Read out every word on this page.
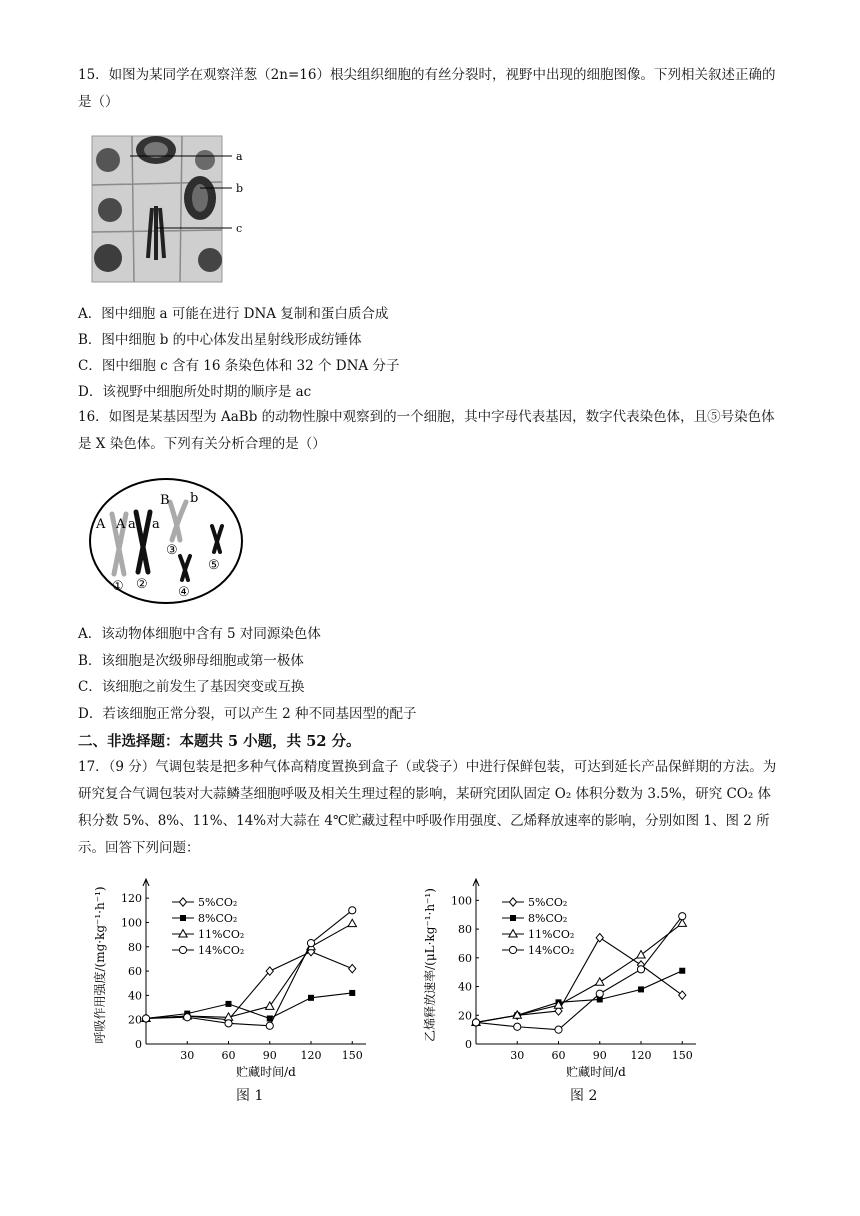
15．如图为某同学在观察洋葱（2n=16）根尖组织细胞的有丝分裂时，视野中出现的细胞图像。下列相关叙述正确的是（）

a
b
c

A．图中细胞 a 可能在进行 DNA 复制和蛋白质合成

B．图中细胞 b 的中心体发出星射线形成纺锤体

C．图中细胞 c 含有 16 条染色体和 32 个 DNA 分子

D．该视野中细胞所处时期的顺序是 ac

16．如图是某基因型为 AaBb 的动物性腺中观察到的一个细胞，其中字母代表基因，数字代表染色体，且⑤号染色体是 X 染色体。下列有关分析合理的是（）

A A a a
B b
① ②
③
④
⑤

A．该动物体细胞中含有 5 对同源染色体

B．该细胞是次级卵母细胞或第一极体

C．该细胞之前发生了基因突变或互换

D．若该细胞正常分裂，可以产生 2 种不同基因型的配子

二、非选择题：本题共 5 小题，共 52 分。

17．（9 分）气调包装是把多种气体高精度置换到盒子（或袋子）中进行保鲜包装，可达到延长产品保鲜期的方法。为研究复合气调包装对大蒜鳞茎细胞呼吸及相关生理过程的影响，某研究团队固定 O₂ 体积分数为 3.5%，研究 CO₂ 体积分数 5%、8%、11%、14%对大蒜在 4℃贮藏过程中呼吸作用强度、乙烯释放速率的影响，分别如图 1、图 2 所示。回答下列问题：

0
20
40
60
80
100
120
30 60 90 120 150
贮藏时间/d
呼吸作用强度/(mg·kg⁻¹·h⁻¹)	5%CO₂
8%CO₂
11%CO₂
14%CO₂
图 1
0
20
40
60
80
100
30 60 90 120 150
贮藏时间/d
乙烯释放速率/(μL·kg⁻¹·h⁻¹)	5%CO₂
8%CO₂
11%CO₂
14%CO₂
图 2
